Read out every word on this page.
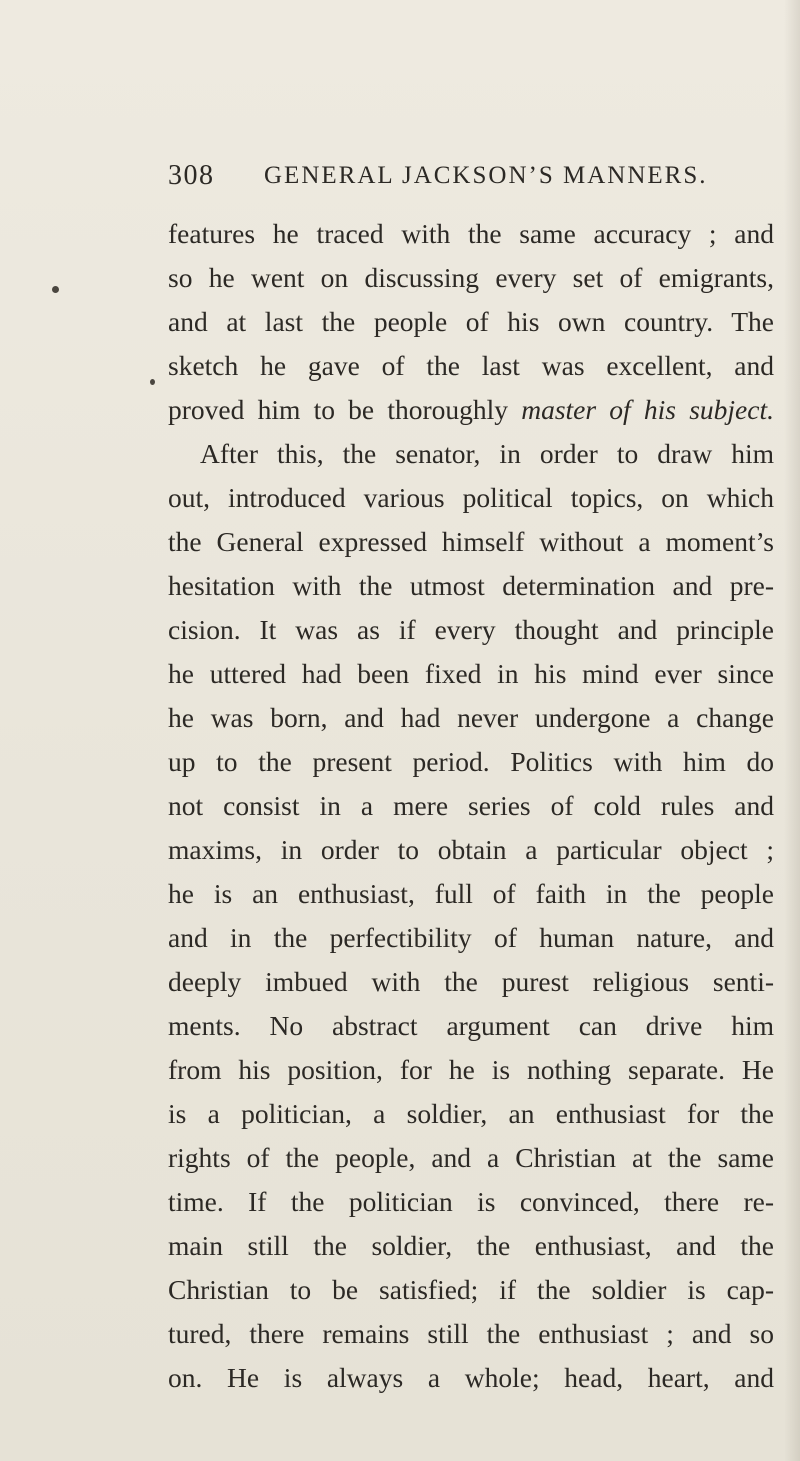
308 GENERAL JACKSON’S MANNERS.
features he traced with the same accuracy ; and
so he went on discussing every set of emigrants,
and at last the people of his own country. The
sketch he gave of the last was excellent, and
proved him to be thoroughly master of his subject.
After this, the senator, in order to draw him
out, introduced various political topics, on which
the General expressed himself without a moment’s
hesitation with the utmost determination and pre-
cision. It was as if every thought and principle
he uttered had been fixed in his mind ever since
he was born, and had never undergone a change
up to the present period. Politics with him do
not consist in a mere series of cold rules and
maxims, in order to obtain a particular object ;
he is an enthusiast, full of faith in the people
and in the perfectibility of human nature, and
deeply imbued with the purest religious senti-
ments. No abstract argument can drive him
from his position, for he is nothing separate. He
is a politician, a soldier, an enthusiast for the
rights of the people, and a Christian at the same
time. If the politician is convinced, there re-
main still the soldier, the enthusiast, and the
Christian to be satisfied; if the soldier is cap-
tured, there remains still the enthusiast ; and so
on. He is always a whole; head, heart, and
